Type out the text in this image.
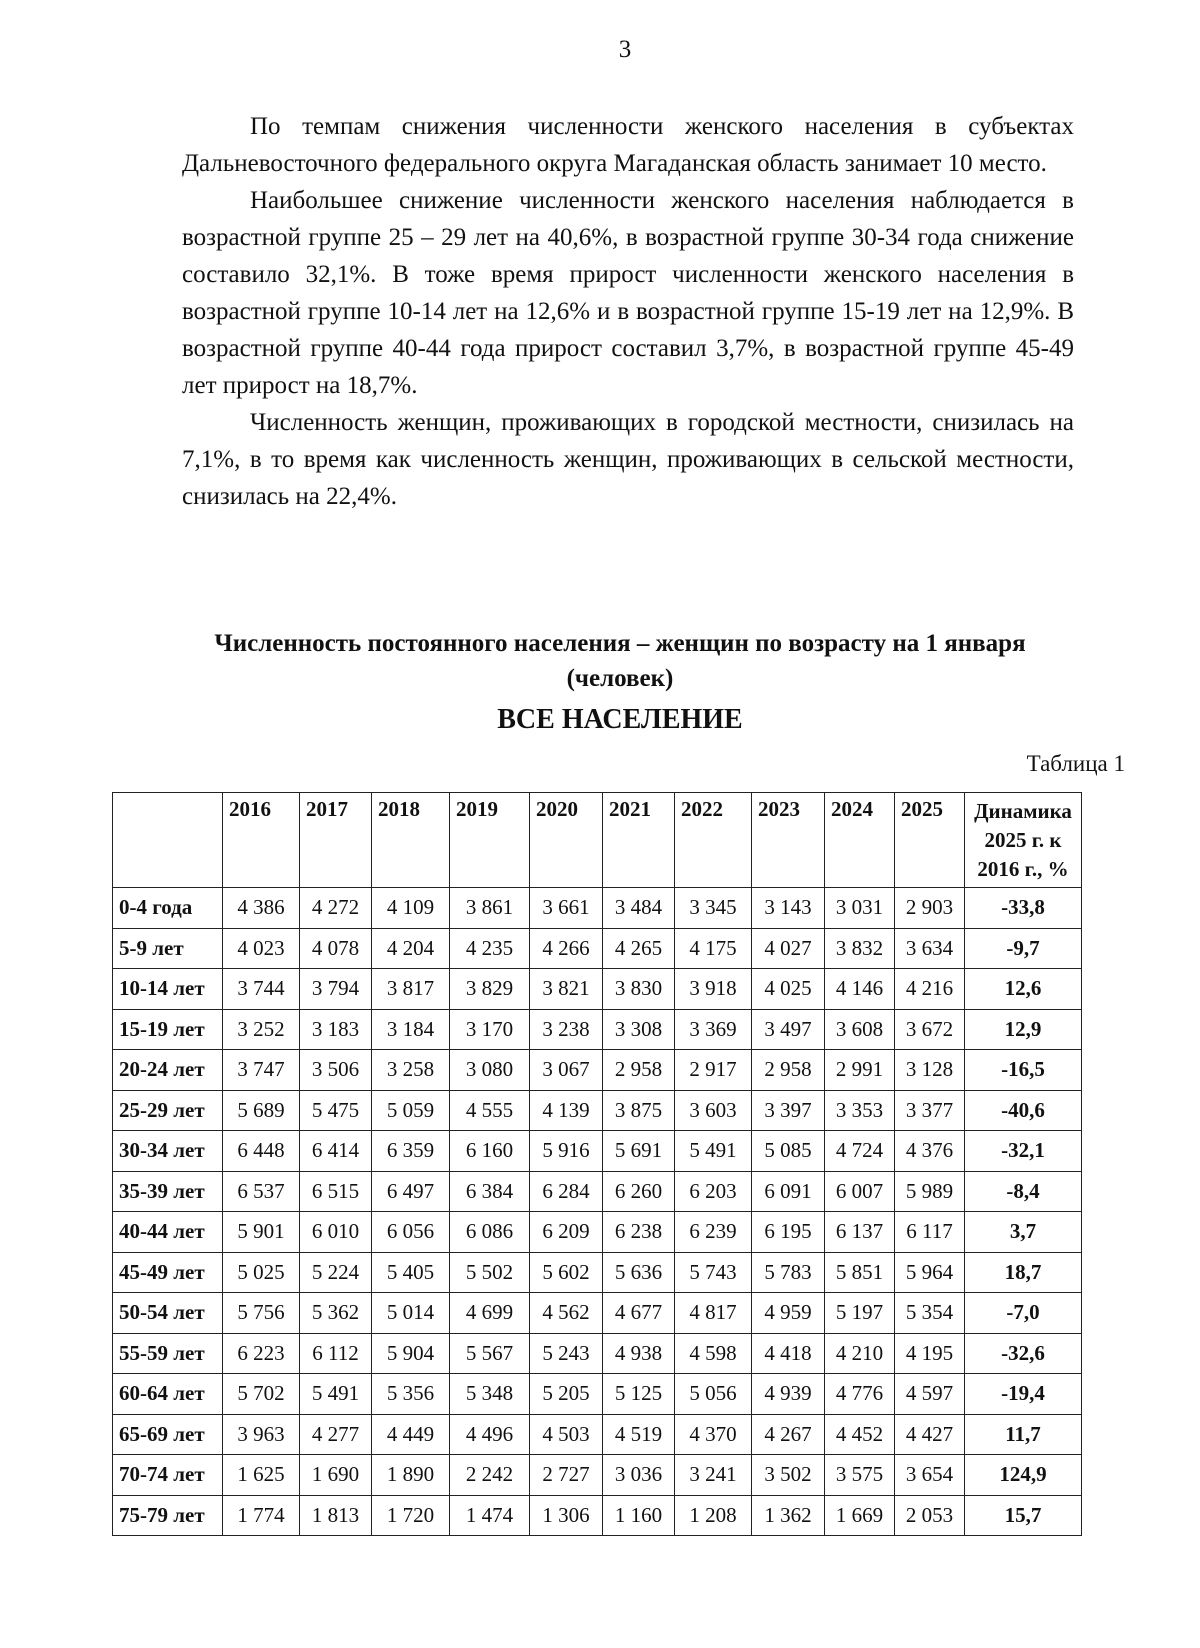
3

По темпам снижения численности женского населения в субъектах Дальневосточного федерального округа Магаданская область занимает 10 место.

Наибольшее снижение численности женского населения наблюдается в возрастной группе 25 – 29 лет на 40,6%, в возрастной группе 30-34 года снижение составило 32,1%. В тоже время прирост численности женского населения в возрастной группе 10-14 лет на 12,6% и в возрастной группе 15-19 лет на 12,9%. В возрастной группе 40-44 года прирост составил 3,7%, в возрастной группе 45-49 лет прирост на 18,7%.

Численность женщин, проживающих в городской местности, снизилась на 7,1%, в то время как численность женщин, проживающих в сельской местности, снизилась на 22,4%.

Численность постоянного населения – женщин по возрасту на 1 января
(человек)
ВСЕ НАСЕЛЕНИЕ
Таблица 1
	2016	2017	2018	2019	2020	2021	2022	2023	2024	2025	Динамика 2025 г. к 2016 г., %
0-4 года	4 386	4 272	4 109	3 861	3 661	3 484	3 345	3 143	3 031	2 903	-33,8
5-9 лет	4 023	4 078	4 204	4 235	4 266	4 265	4 175	4 027	3 832	3 634	-9,7
10-14 лет	3 744	3 794	3 817	3 829	3 821	3 830	3 918	4 025	4 146	4 216	12,6
15-19 лет	3 252	3 183	3 184	3 170	3 238	3 308	3 369	3 497	3 608	3 672	12,9
20-24 лет	3 747	3 506	3 258	3 080	3 067	2 958	2 917	2 958	2 991	3 128	-16,5
25-29 лет	5 689	5 475	5 059	4 555	4 139	3 875	3 603	3 397	3 353	3 377	-40,6
30-34 лет	6 448	6 414	6 359	6 160	5 916	5 691	5 491	5 085	4 724	4 376	-32,1
35-39 лет	6 537	6 515	6 497	6 384	6 284	6 260	6 203	6 091	6 007	5 989	-8,4
40-44 лет	5 901	6 010	6 056	6 086	6 209	6 238	6 239	6 195	6 137	6 117	3,7
45-49 лет	5 025	5 224	5 405	5 502	5 602	5 636	5 743	5 783	5 851	5 964	18,7
50-54 лет	5 756	5 362	5 014	4 699	4 562	4 677	4 817	4 959	5 197	5 354	-7,0
55-59 лет	6 223	6 112	5 904	5 567	5 243	4 938	4 598	4 418	4 210	4 195	-32,6
60-64 лет	5 702	5 491	5 356	5 348	5 205	5 125	5 056	4 939	4 776	4 597	-19,4
65-69 лет	3 963	4 277	4 449	4 496	4 503	4 519	4 370	4 267	4 452	4 427	11,7
70-74 лет	1 625	1 690	1 890	2 242	2 727	3 036	3 241	3 502	3 575	3 654	124,9
75-79 лет	1 774	1 813	1 720	1 474	1 306	1 160	1 208	1 362	1 669	2 053	15,7
